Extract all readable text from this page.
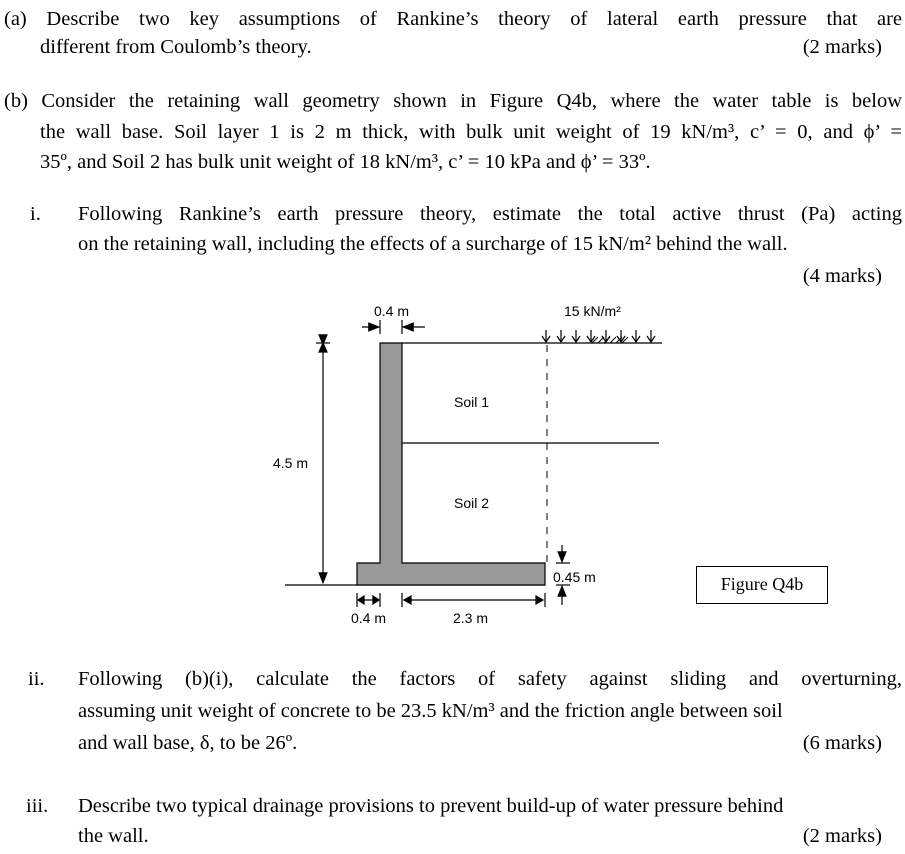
(a) Describe two key assumptions of Rankine’s theory of lateral earth pressure that are
different from Coulomb’s theory.	(2 marks)
(b) Consider the retaining wall geometry shown in Figure Q4b, where the water table is below
the wall base. Soil layer 1 is 2 m thick, with bulk unit weight of 19 kN/m³, c’ = 0, and ϕ’ =
35º, and Soil 2 has bulk unit weight of 18 kN/m³, c’ = 10 kPa and ϕ’ = 33º.
i. Following Rankine’s earth pressure theory, estimate the total active thrust (Pa) acting
on the retaining wall, including the effects of a surcharge of 15 kN/m² behind the wall.
(4 marks)
0.4 m	15 kN/m²
Soil 1
Soil 2
4.5 m
0.45 m
0.4 m	2.3 m
Figure Q4b
ii. Following (b)(i), calculate the factors of safety against sliding and overturning,
assuming unit weight of concrete to be 23.5 kN/m³ and the friction angle between soil
and wall base, δ, to be 26º.	(6 marks)
iii. Describe two typical drainage provisions to prevent build-up of water pressure behind
the wall.	(2 marks)
